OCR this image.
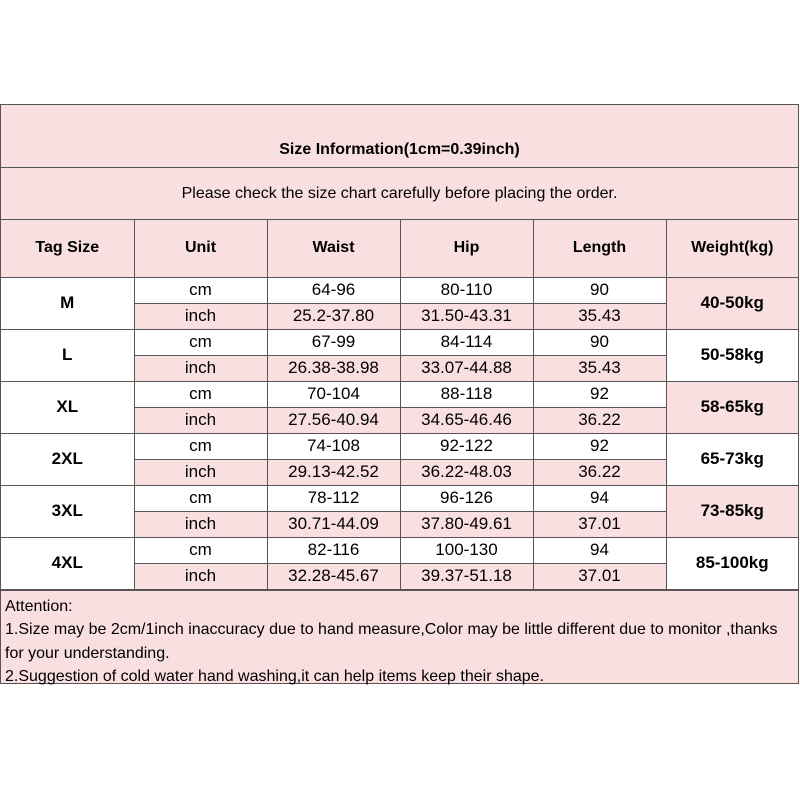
Size Information(1cm=0.39inch)
Please check the size chart carefully before placing the order.
Tag Size	Unit	Waist	Hip	Length	Weight(kg)
M	cm	64-96	80-110	90	40-50kg
	inch	25.2-37.80	31.50-43.31	35.43	
L	cm	67-99	84-114	90	50-58kg
	inch	26.38-38.98	33.07-44.88	35.43	
XL	cm	70-104	88-118	92	58-65kg
	inch	27.56-40.94	34.65-46.46	36.22	
2XL	cm	74-108	92-122	92	65-73kg
	inch	29.13-42.52	36.22-48.03	36.22	
3XL	cm	78-112	96-126	94	73-85kg
	inch	30.71-44.09	37.80-49.61	37.01	
4XL	cm	82-116	100-130	94	85-100kg
	inch	32.28-45.67	39.37-51.18	37.01	
Attention:
1.Size may be 2cm/1inch inaccuracy due to hand measure,Color may be little different due to monitor ,thanks for your understanding.
2.Suggestion of cold water hand washing,it can help items keep their shape.
